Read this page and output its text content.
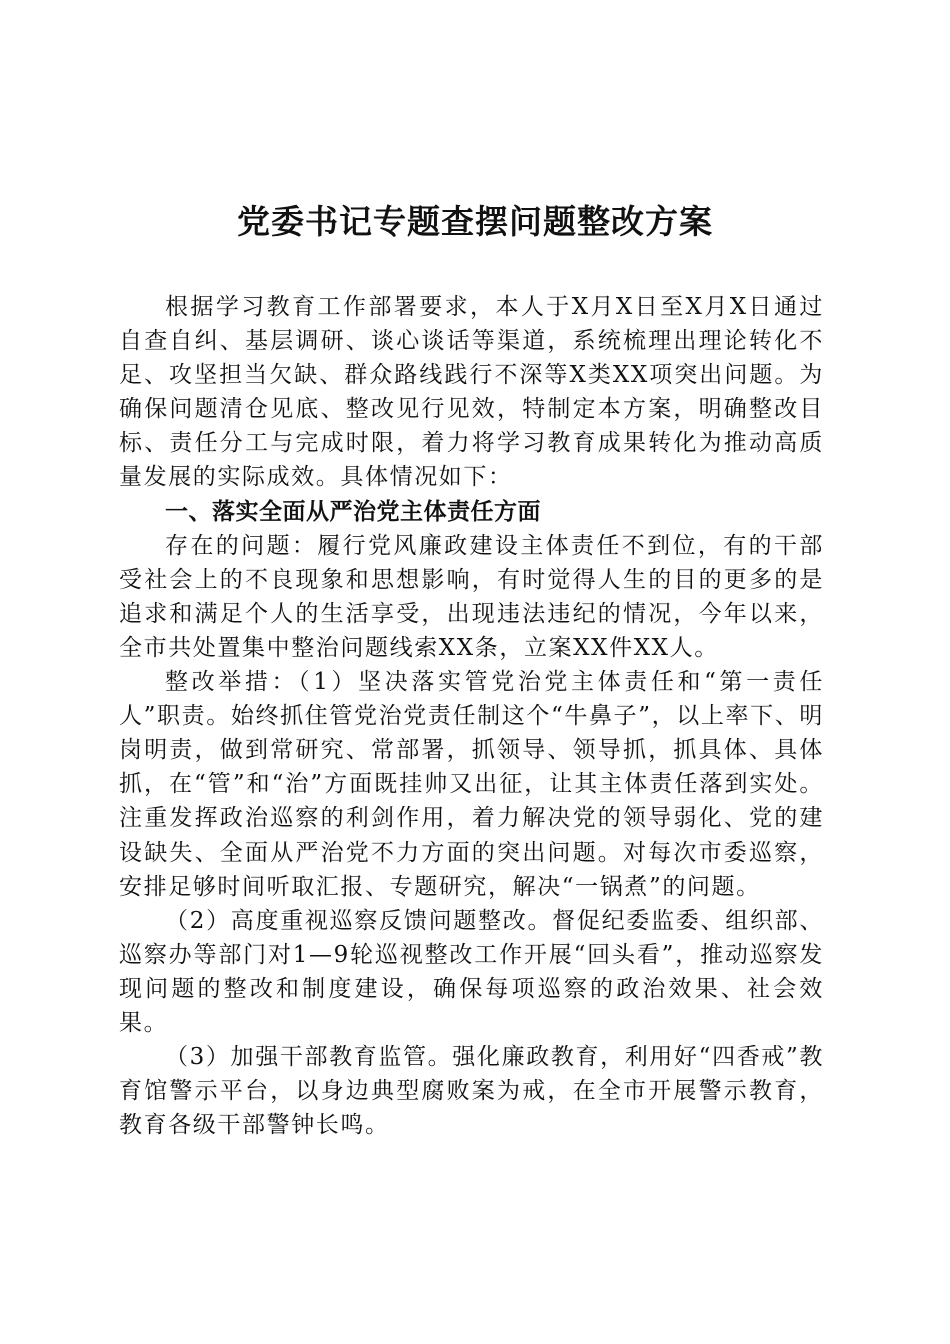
党委书记专题查摆问题整改方案

根据学习教育工作部署要求，本人于X月X日至X月X日通过自查自纠、基层调研、谈心谈话等渠道，系统梳理出理论转化不足、攻坚担当欠缺、群众路线践行不深等X类XX项突出问题。为确保问题清仓见底、整改见行见效，特制定本方案，明确整改目标、责任分工与完成时限，着力将学习教育成果转化为推动高质量发展的实际成效。具体情况如下：

一、落实全面从严治党主体责任方面

存在的问题：履行党风廉政建设主体责任不到位，有的干部受社会上的不良现象和思想影响，有时觉得人生的目的更多的是追求和满足个人的生活享受，出现违法违纪的情况，今年以来，全市共处置集中整治问题线索XX条，立案XX件XX人。

整改举措：（1）坚决落实管党治党主体责任和“第一责任人”职责。始终抓住管党治党责任制这个“牛鼻子”，以上率下、明岗明责，做到常研究、常部署，抓领导、领导抓，抓具体、具体抓，在“管”和“治”方面既挂帅又出征，让其主体责任落到实处。注重发挥政治巡察的利剑作用，着力解决党的领导弱化、党的建设缺失、全面从严治党不力方面的突出问题。对每次市委巡察，安排足够时间听取汇报、专题研究，解决“一锅煮”的问题。

（2）高度重视巡察反馈问题整改。督促纪委监委、组织部、巡察办等部门对1—9轮巡视整改工作开展“回头看”，推动巡察发现问题的整改和制度建设，确保每项巡察的政治效果、社会效果。

（3）加强干部教育监管。强化廉政教育，利用好“四香戒”教育馆警示平台，以身边典型腐败案为戒，在全市开展警示教育，教育各级干部警钟长鸣。
